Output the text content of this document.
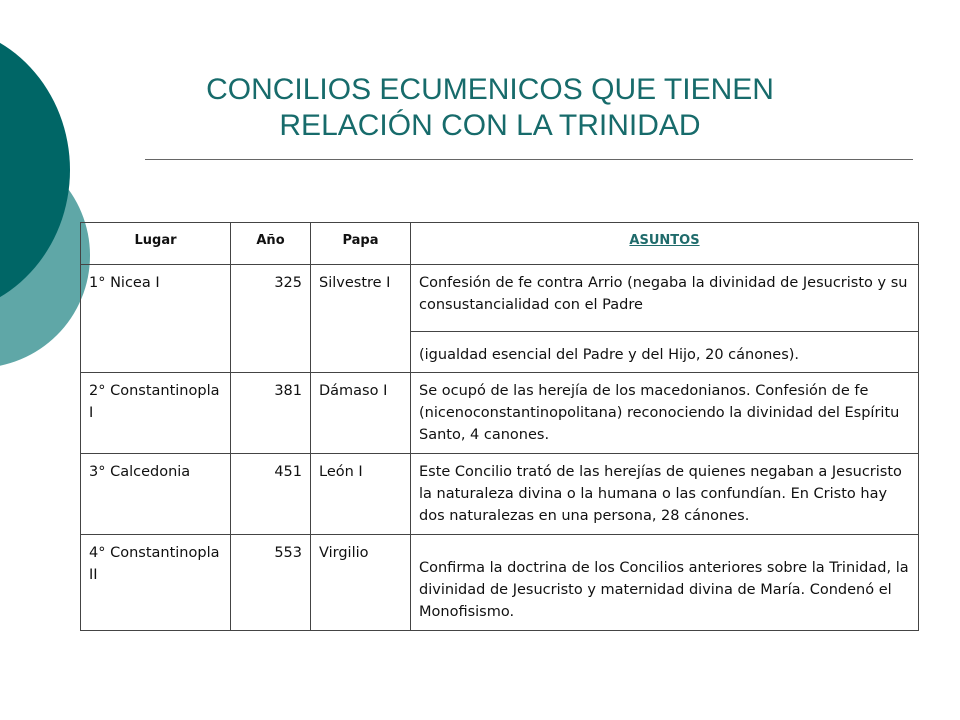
CONCILIOS ECUMENICOS QUE TIENEN
RELACIÓN CON LA TRINIDAD
Lugar	Año	Papa	ASUNTOS
1° Nicea I	325	Silvestre I	Confesión de fe contra Arrio (negaba la divinidad de Jesucristo y su consustancialidad con el Padre
			(igualdad esencial del Padre y del Hijo, 20 cánones).
2° Constantinopla I	381	Dámaso I	Se ocupó de las herejía de los macedonianos. Confesión de fe (nicenoconstantinopolitana) reconociendo la divinidad del Espíritu Santo, 4 canones.
3° Calcedonia	451	León I	Este Concilio trató de las herejías de quienes negaban a Jesucristo la naturaleza divina o la humana o las confundían. En Cristo hay dos naturalezas en una persona, 28 cánones.
4° Constantinopla II	553	Virgilio	Confirma la doctrina de los Concilios anteriores sobre la Trinidad, la divinidad de Jesucristo y maternidad divina de María. Condenó el Monofisismo.
